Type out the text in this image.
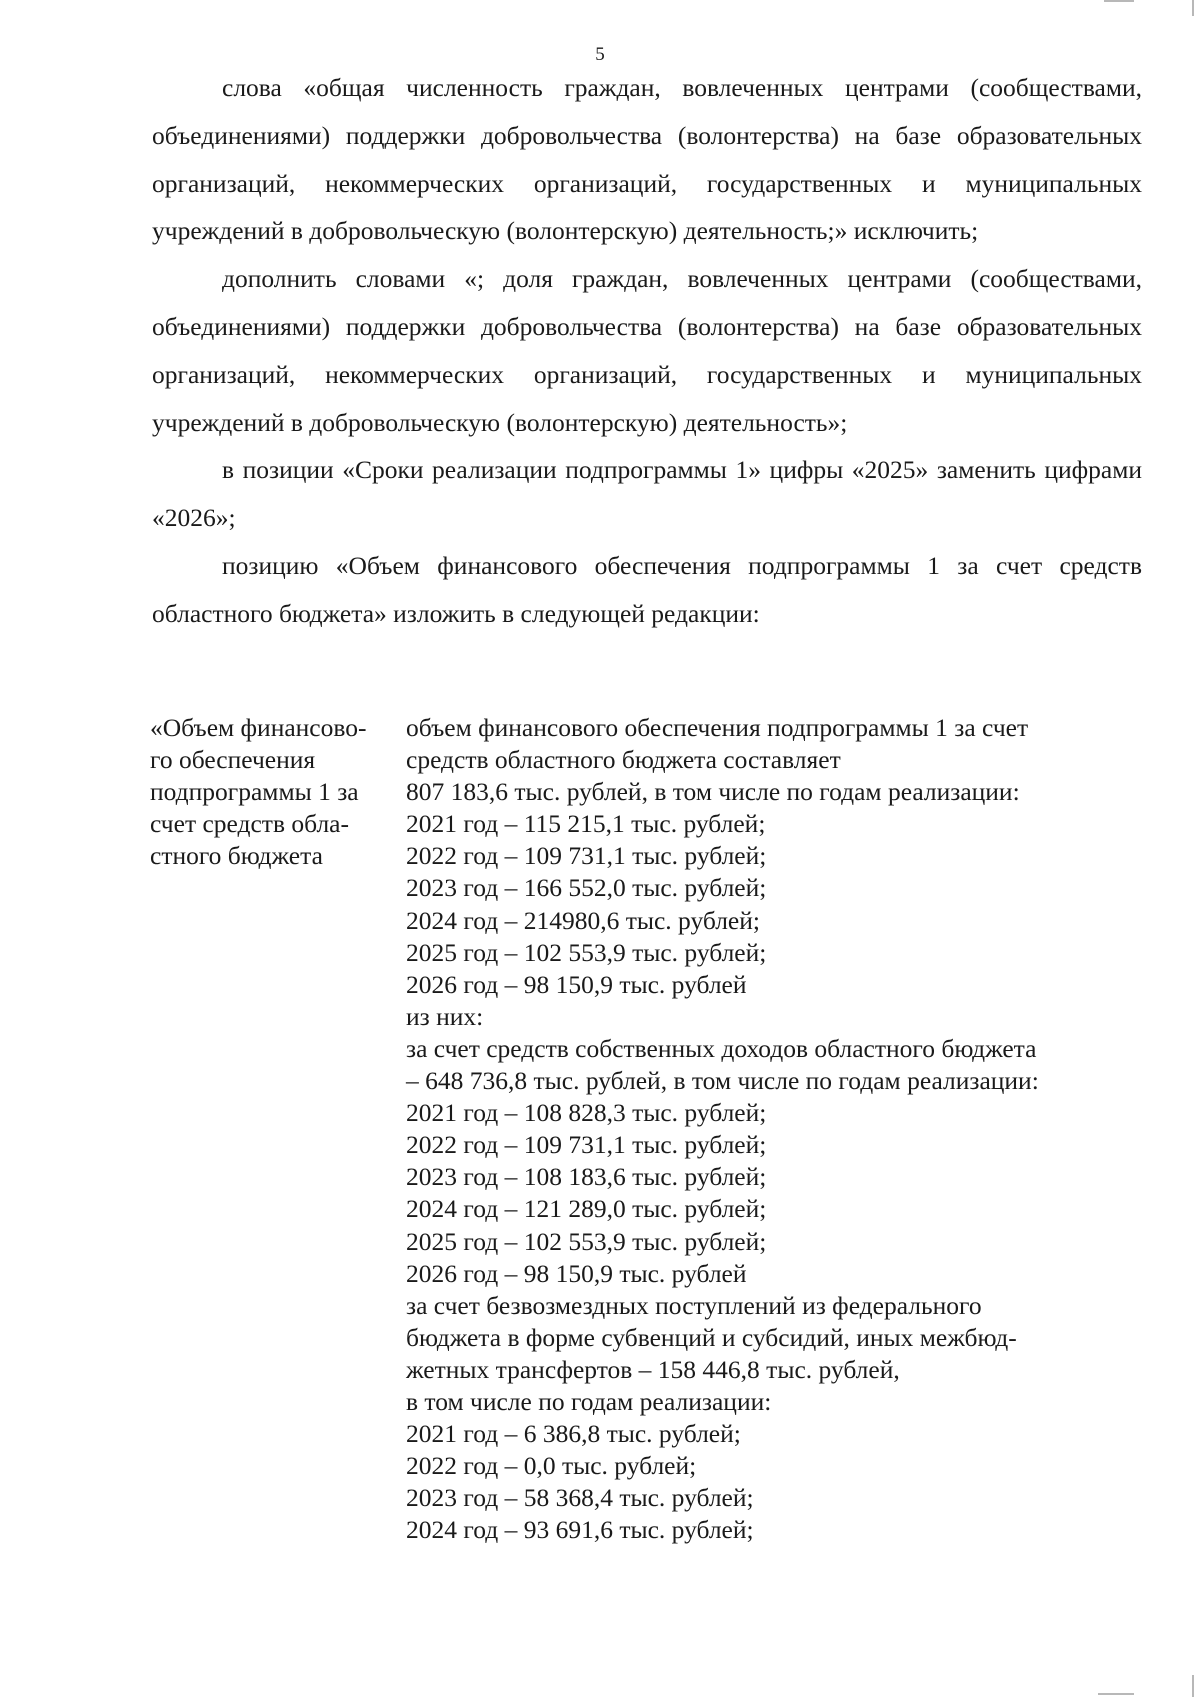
5

слова «общая численность граждан, вовлеченных центрами (сообществами, объединениями) поддержки добровольчества (волонтерства) на базе образовательных организаций, некоммерческих организаций, государственных и муниципальных учреждений в добровольческую (волонтерскую) деятельность;» исключить;

дополнить словами «; доля граждан, вовлеченных центрами (сообществами, объединениями) поддержки добровольчества (волонтерства) на базе образовательных организаций, некоммерческих организаций, государственных и муниципальных учреждений в добровольческую (волонтерскую) деятельность»;

в позиции «Сроки реализации подпрограммы 1» цифры «2025» заменить цифрами «2026»;

позицию «Объем финансового обеспечения подпрограммы 1 за счет средств областного бюджета» изложить в следующей редакции:

«Объем финансово-
го обеспечения
подпрограммы 1 за
счет средств обла-
стного бюджета
объем финансового обеспечения подпрограммы 1 за счет
средств областного бюджета составляет
807 183,6 тыс. рублей, в том числе по годам реализации:
2021 год – 115 215,1 тыс. рублей;
2022 год – 109 731,1 тыс. рублей;
2023 год – 166 552,0 тыс. рублей;
2024 год – 214980,6 тыс. рублей;
2025 год – 102 553,9 тыс. рублей;
2026 год – 98 150,9 тыс. рублей
из них:
за счет средств собственных доходов областного бюджета
– 648 736,8 тыс. рублей, в том числе по годам реализации:
2021 год – 108 828,3 тыс. рублей;
2022 год – 109 731,1 тыс. рублей;
2023 год – 108 183,6 тыс. рублей;
2024 год – 121 289,0 тыс. рублей;
2025 год – 102 553,9 тыс. рублей;
2026 год – 98 150,9 тыс. рублей
за счет безвозмездных поступлений из федерального
бюджета в форме субвенций и субсидий, иных межбюд-
жетных трансфертов – 158 446,8 тыс. рублей,
в том числе по годам реализации:
2021 год – 6 386,8 тыс. рублей;
2022 год – 0,0 тыс. рублей;
2023 год – 58 368,4 тыс. рублей;
2024 год – 93 691,6 тыс. рублей;
